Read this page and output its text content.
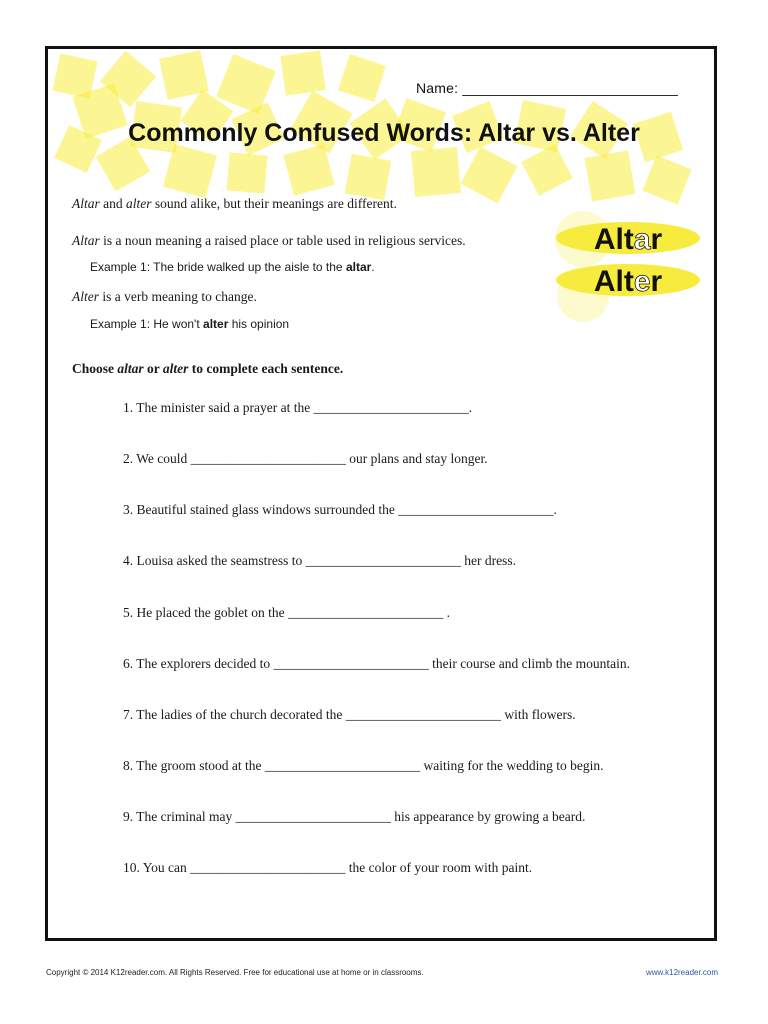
Name: ___________________________
Commonly Confused Words: Altar vs. Alter
Altar
Alter
Altar and alter sound alike, but their meanings are different.
Altar is a noun meaning a raised place or table used in religious services.
Example 1: The bride walked up the aisle to the altar.
Alter is a verb meaning to change.
Example 1: He won't alter his opinion
Choose altar or alter to complete each sentence.
1. The minister said a prayer at the _______________________.
2. We could _______________________ our plans and stay longer.
3. Beautiful stained glass windows surrounded the _______________________.
4. Louisa asked the seamstress to _______________________ her dress.
5. He placed the goblet on the _______________________ .
6. The explorers decided to _______________________ their course and climb the mountain.
7. The ladies of the church decorated the _______________________ with flowers.
8. The groom stood at the _______________________ waiting for the wedding to begin.
9. The criminal may _______________________ his appearance by growing a beard.
10. You can _______________________ the color of your room with paint.
Copyright © 2014 K12reader.com. All Rights Reserved. Free for educational use at home or in classrooms.	www.k12reader.com
